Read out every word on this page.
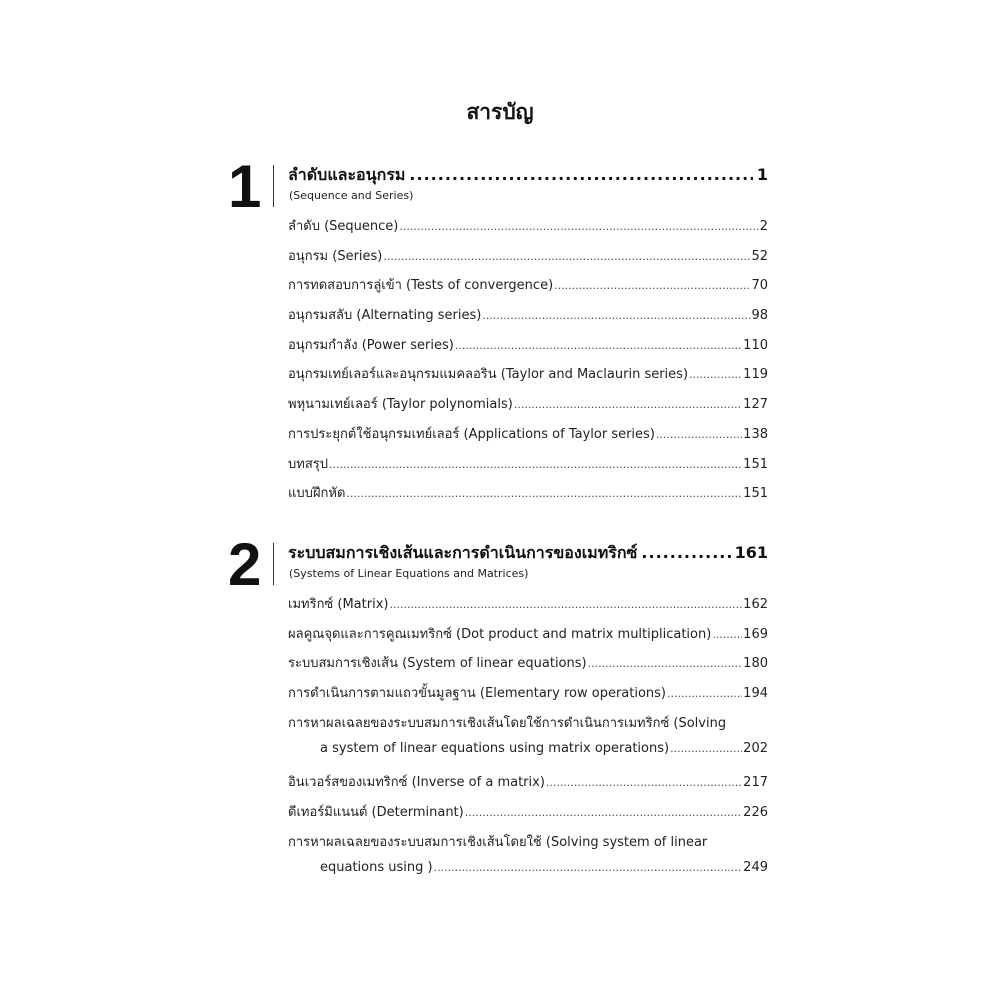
สารบัญ
1 ลำดับและอนุกรม .....	1
(Sequence and Series)
ลำดับ (Sequence) .....	2
อนุกรม (Series) .....	52
การทดสอบการลู่เข้า (Tests of convergence) .....	70
อนุกรมสลับ (Alternating series) .....	98
อนุกรมกำลัง (Power series) .....	110
อนุกรมเทย์เลอร์และอนุกรมแมคลอริน (Taylor and Maclaurin series) .....	119
พหุนามเทย์เลอร์ (Taylor polynomials) .....	127
การประยุกต์ใช้อนุกรมเทย์เลอร์ (Applications of Taylor series) .....	138
บทสรุป .....	151
แบบฝึกหัด .....	151
2 ระบบสมการเชิงเส้นและการดำเนินการของเมทริกซ์ .....	161
(Systems of Linear Equations and Matrices)
เมทริกซ์ (Matrix) .....	162
ผลคูณจุดและการคูณเมทริกซ์ (Dot product and matrix multiplication) ..... 169
ระบบสมการเชิงเส้น (System of linear equations) .....	180
การดำเนินการตามแถวขั้นมูลฐาน (Elementary row operations) .....	194
การหาผลเฉลยของระบบสมการเชิงเส้นโดยใช้การดำเนินการเมทริกซ์ (Solving
a system of linear equations using matrix operations) .....	202
อินเวอร์สของเมทริกซ์ (Inverse of a matrix) .....	217
ดีเทอร์มิแนนต์ (Determinant) .....	226
การหาผลเฉลยของระบบสมการเชิงเส้นโดยใช้ (Solving system of linear
equations using ) .....	249
